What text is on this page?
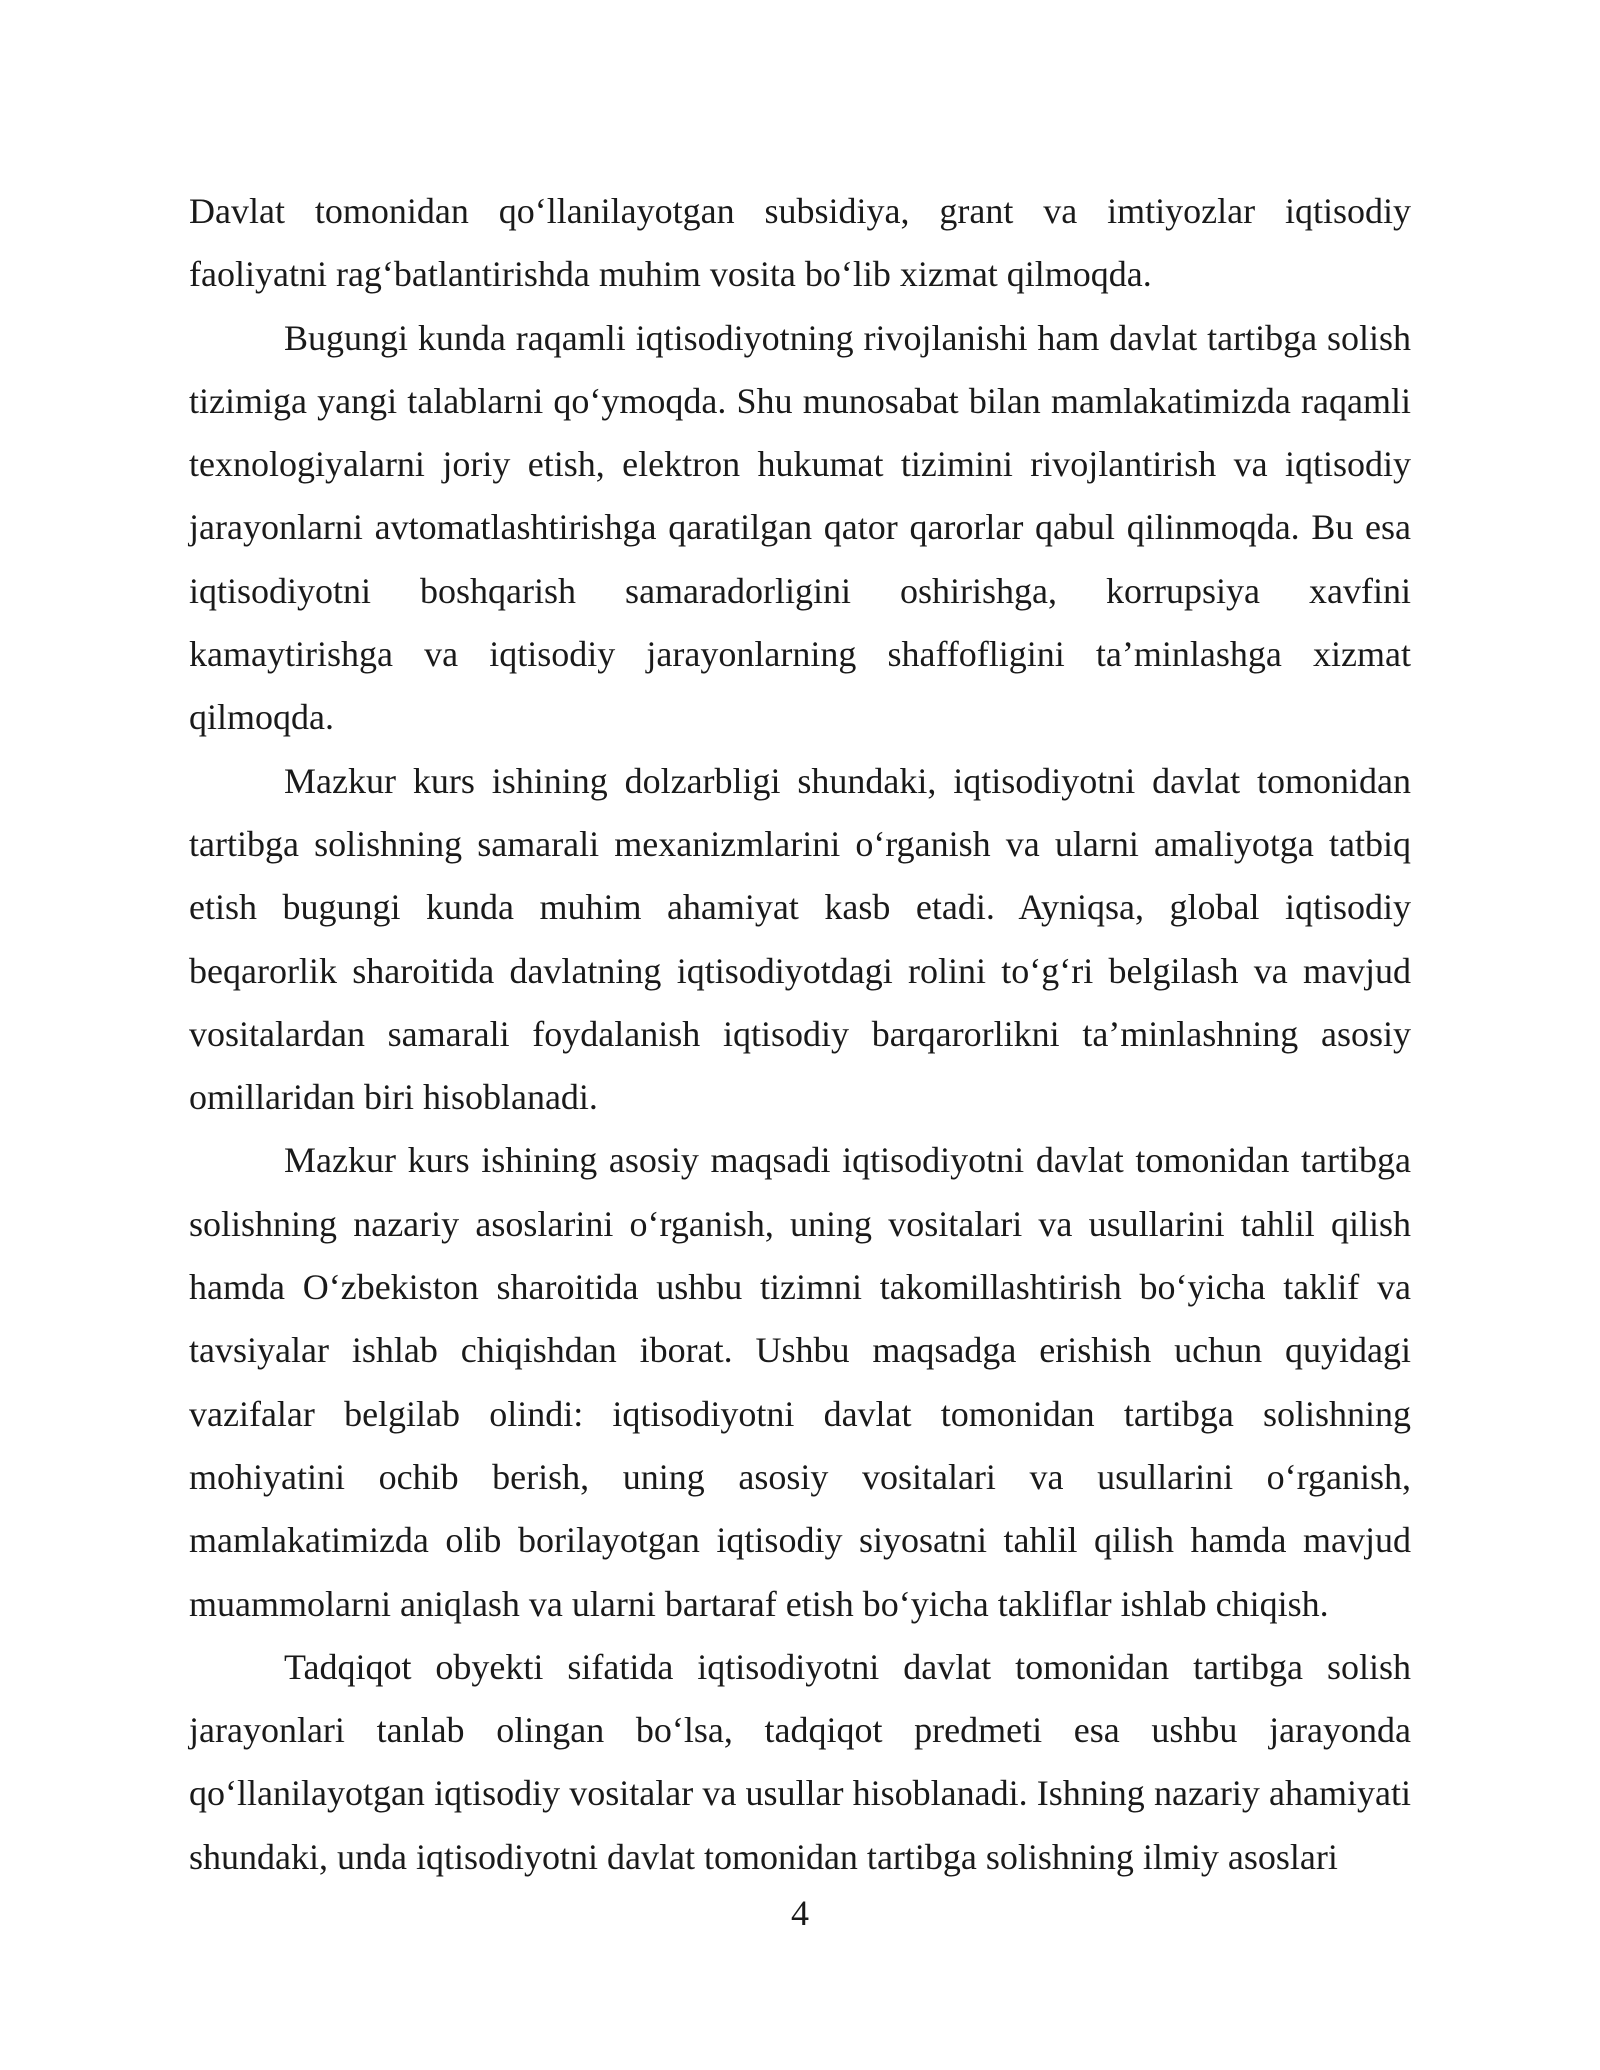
Davlat tomonidan qo‘llanilayotgan subsidiya, grant va imtiyozlar iqtisodiy faoliyatni rag‘batlantirishda muhim vosita bo‘lib xizmat qilmoqda.

Bugungi kunda raqamli iqtisodiyotning rivojlanishi ham davlat tartibga solish tizimiga yangi talablarni qo‘ymoqda. Shu munosabat bilan mamlakatimizda raqamli texnologiyalarni joriy etish, elektron hukumat tizimini rivojlantirish va iqtisodiy jarayonlarni avtomatlashtirishga qaratilgan qator qarorlar qabul qilinmoqda. Bu esa iqtisodiyotni boshqarish samaradorligini oshirishga, korrupsiya xavfini kamaytirishga va iqtisodiy jarayonlarning shaffofligini ta’minlashga xizmat qilmoqda.

Mazkur kurs ishining dolzarbligi shundaki, iqtisodiyotni davlat tomonidan tartibga solishning samarali mexanizmlarini o‘rganish va ularni amaliyotga tatbiq etish bugungi kunda muhim ahamiyat kasb etadi. Ayniqsa, global iqtisodiy beqarorlik sharoitida davlatning iqtisodiyotdagi rolini to‘g‘ri belgilash va mavjud vositalardan samarali foydalanish iqtisodiy barqarorlikni ta’minlashning asosiy omillaridan biri hisoblanadi.

Mazkur kurs ishining asosiy maqsadi iqtisodiyotni davlat tomonidan tartibga solishning nazariy asoslarini o‘rganish, uning vositalari va usullarini tahlil qilish hamda O‘zbekiston sharoitida ushbu tizimni takomillashtirish bo‘yicha taklif va tavsiyalar ishlab chiqishdan iborat. Ushbu maqsadga erishish uchun quyidagi vazifalar belgilab olindi: iqtisodiyotni davlat tomonidan tartibga solishning mohiyatini ochib berish, uning asosiy vositalari va usullarini o‘rganish, mamlakatimizda olib borilayotgan iqtisodiy siyosatni tahlil qilish hamda mavjud muammolarni aniqlash va ularni bartaraf etish bo‘yicha takliflar ishlab chiqish.

Tadqiqot obyekti sifatida iqtisodiyotni davlat tomonidan tartibga solish jarayonlari tanlab olingan bo‘lsa, tadqiqot predmeti esa ushbu jarayonda qo‘llanilayotgan iqtisodiy vositalar va usullar hisoblanadi. Ishning nazariy ahamiyati shundaki, unda iqtisodiyotni davlat tomonidan tartibga solishning ilmiy asoslari

4
